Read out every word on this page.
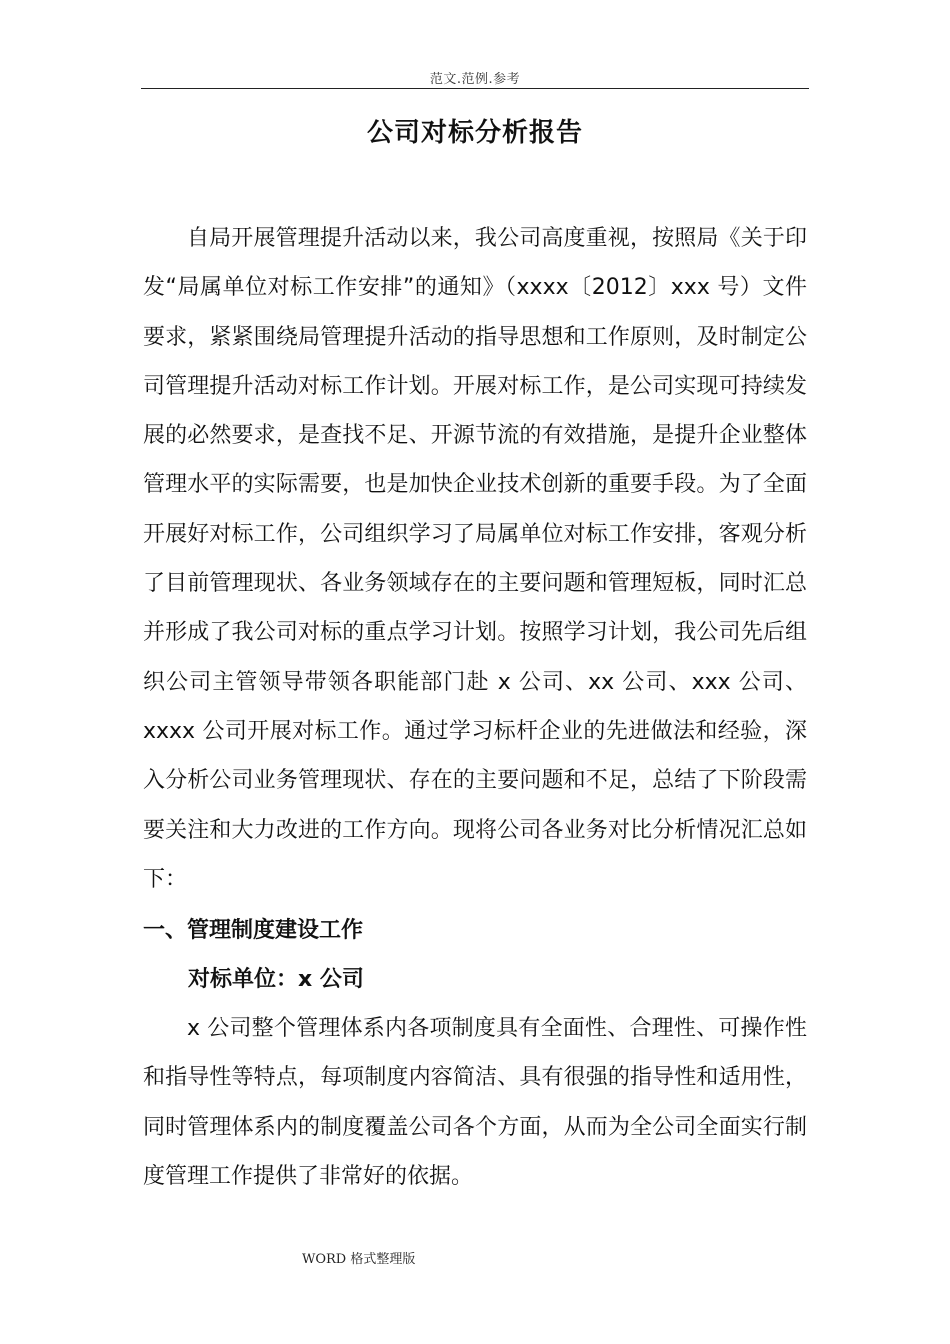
范文.范例.参考
公司对标分析报告
自局开展管理提升活动以来，我公司高度重视，按照局《关于印发“局属单位对标工作安排”的通知》（xxxx〔2012〕xxx 号）文件要求，紧紧围绕局管理提升活动的指导思想和工作原则，及时制定公司管理提升活动对标工作计划。开展对标工作，是公司实现可持续发展的必然要求，是查找不足、开源节流的有效措施，是提升企业整体管理水平的实际需要，也是加快企业技术创新的重要手段。为了全面开展好对标工作，公司组织学习了局属单位对标工作安排，客观分析了目前管理现状、各业务领域存在的主要问题和管理短板，同时汇总并形成了我公司对标的重点学习计划。按照学习计划，我公司先后组织公司主管领导带领各职能部门赴 x 公司、xx 公司、xxx 公司、xxxx 公司开展对标工作。通过学习标杆企业的先进做法和经验，深入分析公司业务管理现状、存在的主要问题和不足，总结了下阶段需要关注和大力改进的工作方向。现将公司各业务对比分析情况汇总如下：
一、管理制度建设工作
对标单位：x 公司
x 公司整个管理体系内各项制度具有全面性、合理性、可操作性和指导性等特点，每项制度内容简洁、具有很强的指导性和适用性，同时管理体系内的制度覆盖公司各个方面，从而为全公司全面实行制度管理工作提供了非常好的依据。
WORD 格式整理版
